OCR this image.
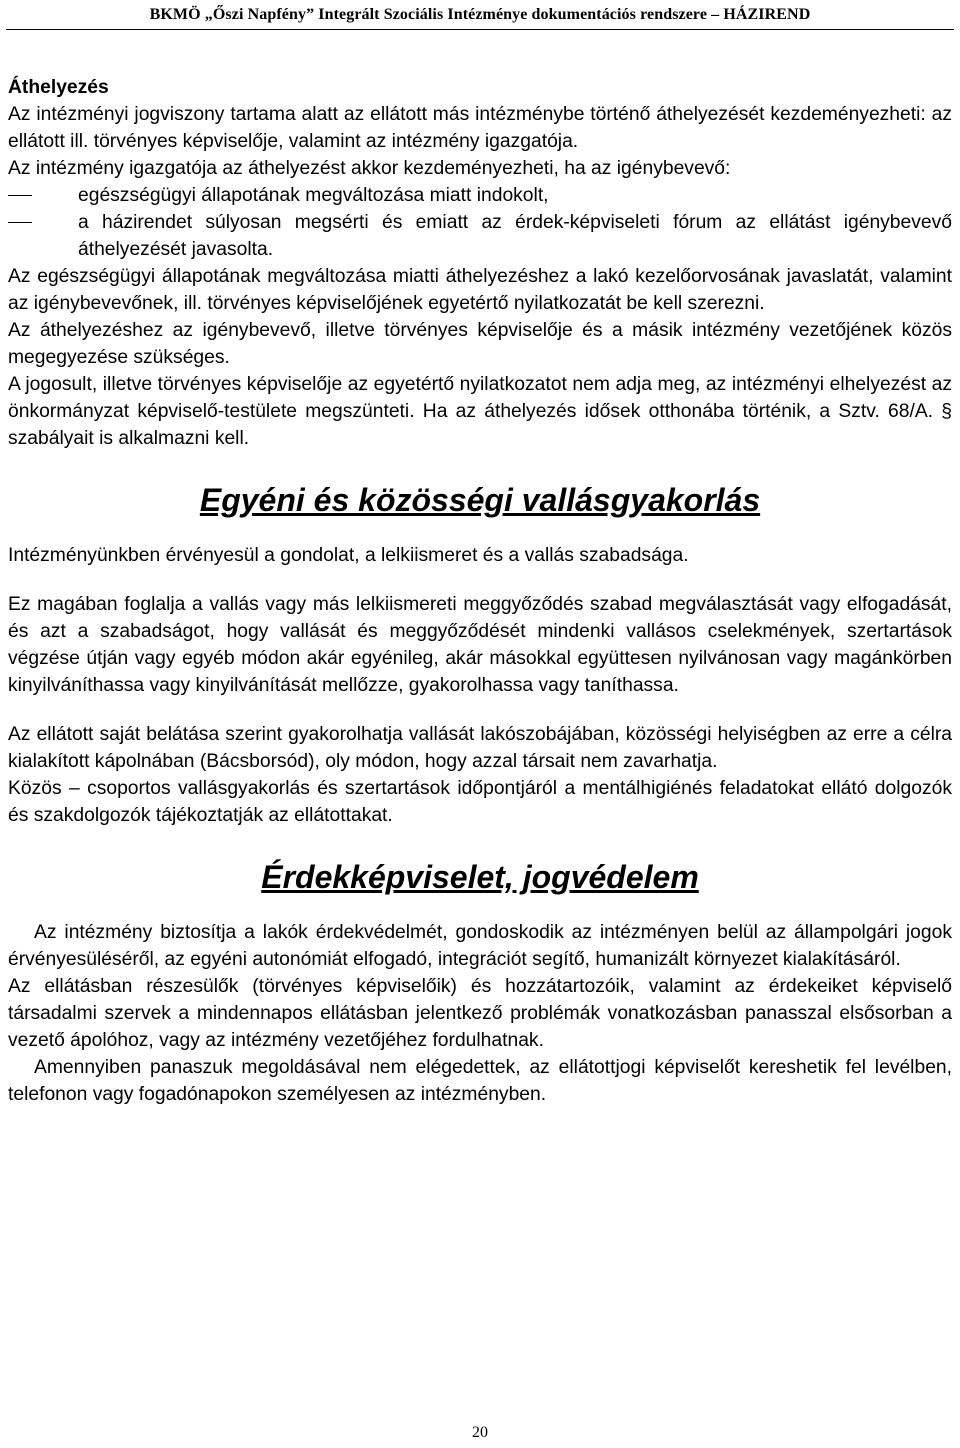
BKMÖ „Őszi Napfény” Integrált Szociális Intézménye dokumentációs rendszere – HÁZIREND

Áthelyezés

Az intézményi jogviszony tartama alatt az ellátott más intézménybe történő áthelyezését kezdeményezheti: az ellátott ill. törvényes képviselője, valamint az intézmény igazgatója.

Az intézmény igazgatója az áthelyezést akkor kezdeményezheti, ha az igénybevevő:

egészségügyi állapotának megváltozása miatt indokolt,
a házirendet súlyosan megsérti és emiatt az érdek-képviseleti fórum az ellátást igénybevevő áthelyezését javasolta.

Az egészségügyi állapotának megváltozása miatti áthelyezéshez a lakó kezelőorvosának javaslatát, valamint az igénybevevőnek, ill. törvényes képviselőjének egyetértő nyilatkozatát be kell szerezni.

Az áthelyezéshez az igénybevevő, illetve törvényes képviselője és a másik intézmény vezetőjének közös megegyezése szükséges.

A jogosult, illetve törvényes képviselője az egyetértő nyilatkozatot nem adja meg, az intézményi elhelyezést az önkormányzat képviselő-testülete megszünteti. Ha az áthelyezés idősek otthonába történik, a Sztv. 68/A. § szabályait is alkalmazni kell.

Egyéni és közösségi vallásgyakorlás

Intézményünkben érvényesül a gondolat, a lelkiismeret és a vallás szabadsága.

Ez magában foglalja a vallás vagy más lelkiismereti meggyőződés szabad megválasztását vagy elfogadását, és azt a szabadságot, hogy vallását és meggyőződését mindenki vallásos cselekmények, szertartások végzése útján vagy egyéb módon akár egyénileg, akár másokkal együttesen nyilvánosan vagy magánkörben kinyilváníthassa vagy kinyilvánítását mellőzze, gyakorolhassa vagy taníthassa.

Az ellátott saját belátása szerint gyakorolhatja vallását lakószobájában, közösségi helyiségben az erre a célra kialakított kápolnában (Bácsborsód), oly módon, hogy azzal társait nem zavarhatja.

Közös – csoportos vallásgyakorlás és szertartások időpontjáról a mentálhigiénés feladatokat ellátó dolgozók és szakdolgozók tájékoztatják az ellátottakat.

Érdekképviselet, jogvédelem

Az intézmény biztosítja a lakók érdekvédelmét, gondoskodik az intézményen belül az állampolgári jogok érvényesüléséről, az egyéni autonómiát elfogadó, integrációt segítő, humanizált környezet kialakításáról.

Az ellátásban részesülők (törvényes képviselőik) és hozzátartozóik, valamint az érdekeiket képviselő társadalmi szervek a mindennapos ellátásban jelentkező problémák vonatkozásban panasszal elsősorban a vezető ápolóhoz, vagy az intézmény vezetőjéhez fordulhatnak.

Amennyiben panaszuk megoldásával nem elégedettek, az ellátottjogi képviselőt kereshetik fel levélben, telefonon vagy fogadónapokon személyesen az intézményben.

20
